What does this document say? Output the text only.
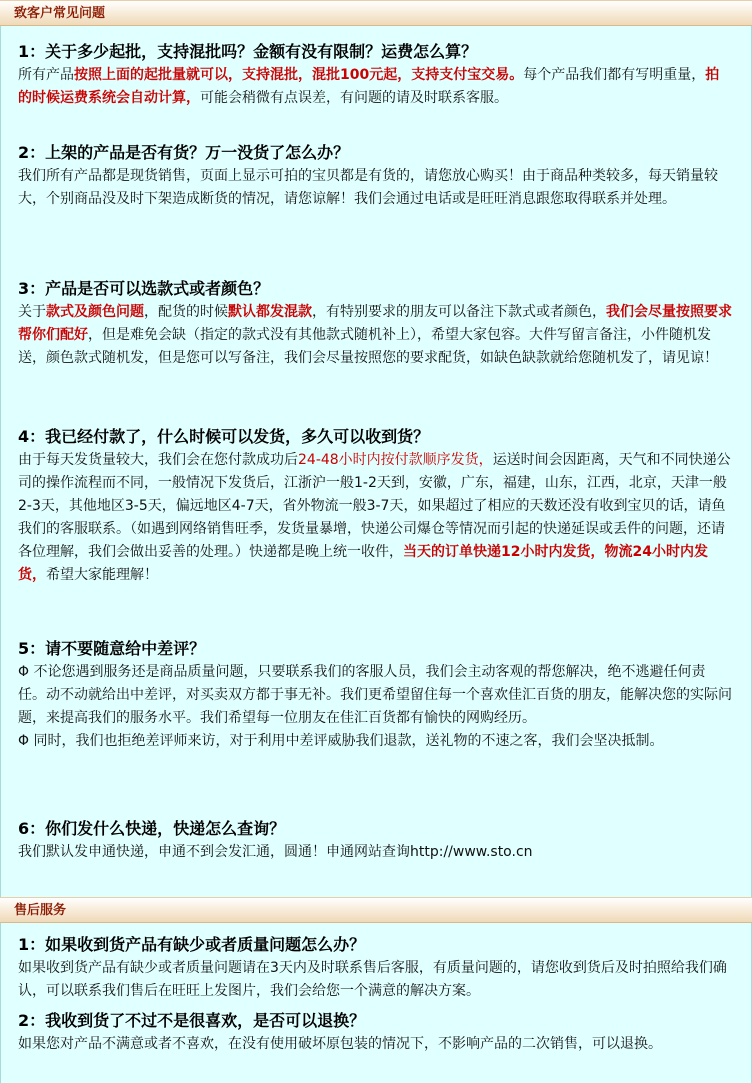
致客户常见问题

1：关于多少起批，支持混批吗？金额有没有限制？运费怎么算？

所有产品按照上面的起批量就可以，支持混批，混批100元起，支持支付宝交易。每个产品我们都有写明重量，拍的时候运费系统会自动计算，可能会稍微有点误差，有问题的请及时联系客服。

2：上架的产品是否有货？万一没货了怎么办？

我们所有产品都是现货销售，页面上显示可拍的宝贝都是有货的，请您放心购买！由于商品种类较多，每天销量较大，个别商品没及时下架造成断货的情况，请您谅解！我们会通过电话或是旺旺消息跟您取得联系并处理。

3：产品是否可以选款式或者颜色？

关于款式及颜色问题，配货的时候默认都发混款，有特别要求的朋友可以备注下款式或者颜色，我们会尽量按照要求帮你们配好，但是难免会缺（指定的款式没有其他款式随机补上），希望大家包容。大件写留言备注，小件随机发送，颜色款式随机发，但是您可以写备注，我们会尽量按照您的要求配货，如缺色缺款就给您随机发了，请见谅！

4：我已经付款了，什么时候可以发货，多久可以收到货？

由于每天发货量较大，我们会在您付款成功后24-48小时内按付款顺序发货，运送时间会因距离，天气和不同快递公司的操作流程而不同，一般情况下发货后，江浙沪一般1-2天到，安徽，广东，福建，山东，江西，北京，天津一般2-3天，其他地区3-5天，偏远地区4-7天，省外物流一般3-7天，如果超过了相应的天数还没有收到宝贝的话，请鱼我们的客服联系。（如遇到网络销售旺季，发货量暴增，快递公司爆仓等情况而引起的快递延误或丢件的问题，还请各位理解，我们会做出妥善的处理。）快递都是晚上统一收件，当天的订单快递12小时内发货，物流24小时内发货，希望大家能理解！

5：请不要随意给中差评？

Φ 不论您遇到服务还是商品质量问题，只要联系我们的客服人员，我们会主动客观的帮您解决，绝不逃避任何责任。动不动就给出中差评，对买卖双方都于事无补。我们更希望留住每一个喜欢佳汇百货的朋友，能解决您的实际问题，来提高我们的服务水平。我们希望每一位朋友在佳汇百货都有愉快的网购经历。

Φ 同时，我们也拒绝差评师来访，对于利用中差评威胁我们退款，送礼物的不速之客，我们会坚决抵制。

6：你们发什么快递，快递怎么查询？

我们默认发申通快递，申通不到会发汇通，圆通！申通网站查询http://www.sto.cn

售后服务

1：如果收到货产品有缺少或者质量问题怎么办？

如果收到货产品有缺少或者质量问题请在3天内及时联系售后客服，有质量问题的，请您收到货后及时拍照给我们确认，可以联系我们售后在旺旺上发图片，我们会给您一个满意的解决方案。

2：我收到货了不过不是很喜欢，是否可以退换？

如果您对产品不满意或者不喜欢，在没有使用破坏原包装的情况下，不影响产品的二次销售，可以退换。
